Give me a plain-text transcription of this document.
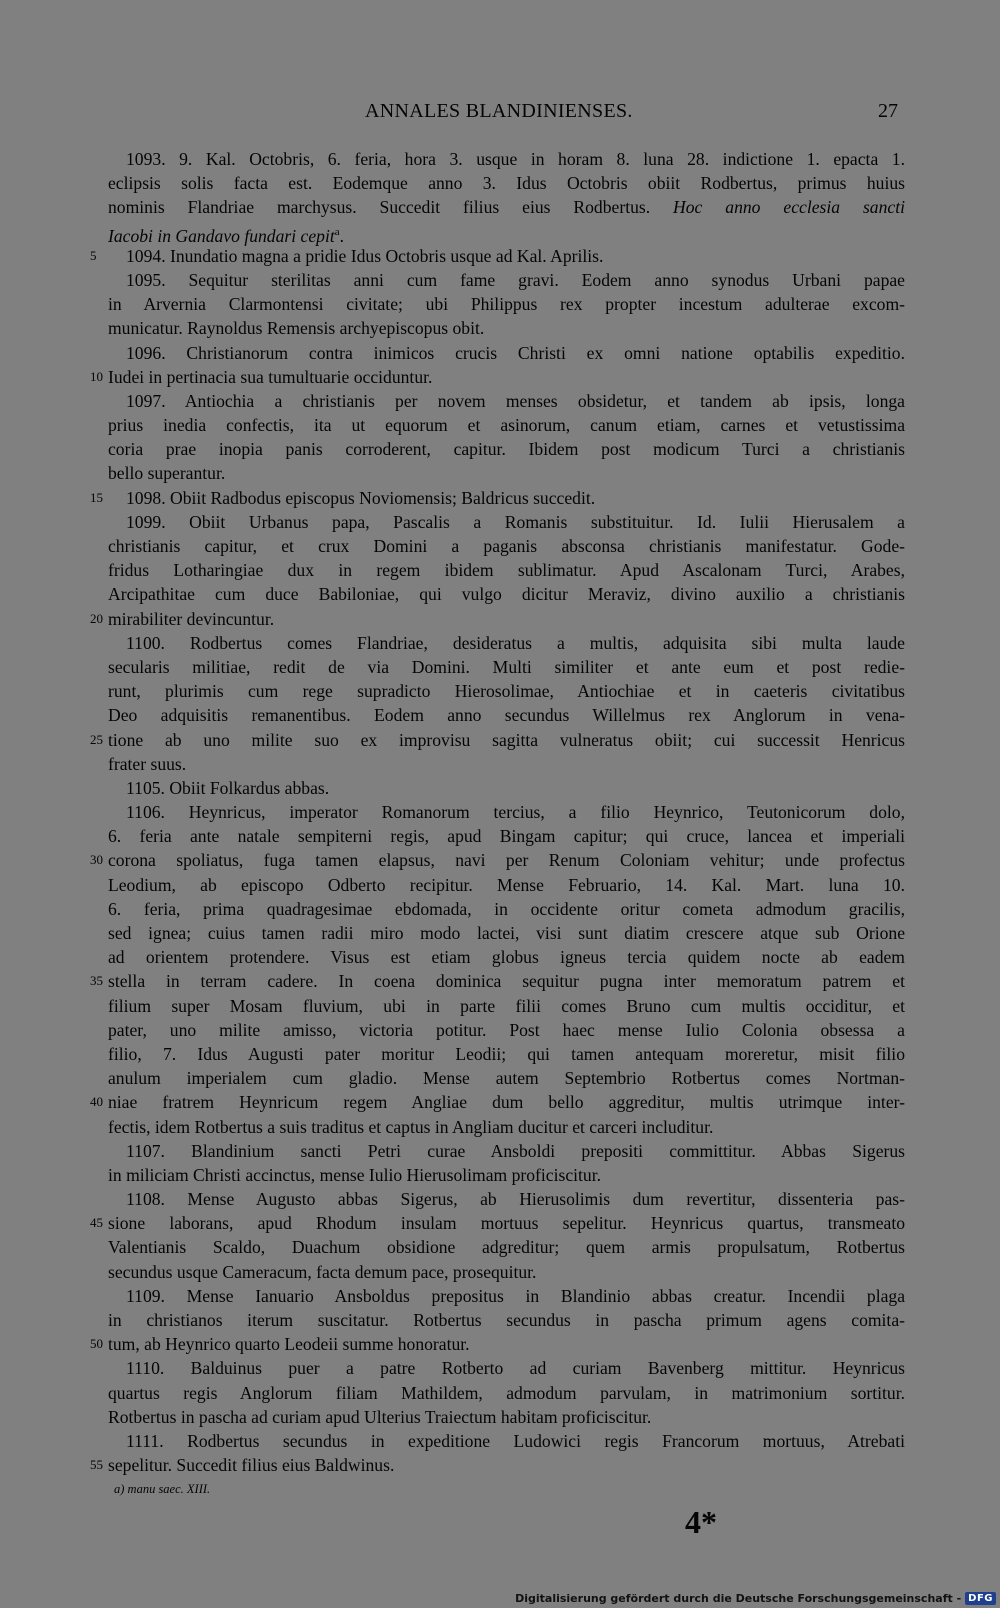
ANNALES BLANDINIENSES.	27
1093. 9. Kal. Octobris, 6. feria, hora 3. usque in horam 8. luna 28. indictione 1. epacta 1.
eclipsis solis facta est. Eodemque anno 3. Idus Octobris obiit Rodbertus, primus huius
nominis Flandriae marchysus. Succedit filius eius Rodbertus. Hoc anno ecclesia sancti
Iacobi in Gandavo fundari cepit$^a$.
5	1094. Inundatio magna a pridie Idus Octobris usque ad Kal. Aprilis.
1095. Sequitur sterilitas anni cum fame gravi. Eodem anno synodus Urbani papae
in Arvernia Clarmontensi civitate; ubi Philippus rex propter incestum adulterae excom-
municatur. Raynoldus Remensis archyepiscopus obit.
1096. Christianorum contra inimicos crucis Christi ex omni natione optabilis expeditio.
10 Iudei in pertinacia sua tumultuarie occiduntur.
1097. Antiochia a christianis per novem menses obsidetur, et tandem ab ipsis, longa
prius inedia confectis, ita ut equorum et asinorum, canum etiam, carnes et vetustissima
coria prae inopia panis corroderent, capitur. Ibidem post modicum Turci a christianis
bello superantur.
15 1098. Obiit Radbodus episcopus Noviomensis; Baldricus succedit.
1099. Obiit Urbanus papa, Pascalis a Romanis substituitur. Id. Iulii Hierusalem a
christianis capitur, et crux Domini a paganis absconsa christianis manifestatur. Gode-
fridus Lotharingiae dux in regem ibidem sublimatur. Apud Ascalonam Turci, Arabes,
Arcipathitae cum duce Babiloniae, qui vulgo dicitur Meraviz, divino auxilio a christianis
20 mirabiliter devincuntur.
1100. Rodbertus comes Flandriae, desideratus a multis, adquisita sibi multa laude
secularis militiae, redit de via Domini. Multi similiter et ante eum et post redie-
runt, plurimis cum rege supradicto Hierosolimae, Antiochiae et in caeteris civitatibus
Deo adquisitis remanentibus. Eodem anno secundus Willelmus rex Anglorum in vena-
25 tione ab uno milite suo ex improvisu sagitta vulneratus obiit; cui successit Henricus
frater suus.
1105. Obiit Folkardus abbas.
1106. Heynricus, imperator Romanorum tercius, a filio Heynrico, Teutonicorum dolo,
6. feria ante natale sempiterni regis, apud Bingam capitur; qui cruce, lancea et imperiali
30 corona spoliatus, fuga tamen elapsus, navi per Renum Coloniam vehitur; unde profectus
Leodium, ab episcopo Odberto recipitur. Mense Februario, 14. Kal. Mart. luna 10.
6. feria, prima quadragesimae ebdomada, in occidente oritur cometa admodum gracilis,
sed ignea; cuius tamen radii miro modo lactei, visi sunt diatim crescere atque sub Orione
ad orientem protendere. Visus est etiam globus igneus tercia quidem nocte ab eadem
35 stella in terram cadere. In coena dominica sequitur pugna inter memoratum patrem et
filium super Mosam fluvium, ubi in parte filii comes Bruno cum multis occiditur, et
pater, uno milite amisso, victoria potitur. Post haec mense Iulio Colonia obsessa a
filio, 7. Idus Augusti pater moritur Leodii; qui tamen antequam moreretur, misit filio
anulum imperialem cum gladio. Mense autem Septembrio Rotbertus comes Nortman-
40 niae fratrem Heynricum regem Angliae dum bello aggreditur, multis utrimque inter-
fectis, idem Rotbertus a suis traditus et captus in Angliam ducitur et carceri includitur.
1107. Blandinium sancti Petri curae Ansboldi prepositi committitur. Abbas Sigerus
in miliciam Christi accinctus, mense Iulio Hierusolimam proficiscitur.
1108. Mense Augusto abbas Sigerus, ab Hierusolimis dum revertitur, dissenteria pas-
45 sione laborans, apud Rhodum insulam mortuus sepelitur. Heynricus quartus, transmeato
Valentianis Scaldo, Duachum obsidione adgreditur; quem armis propulsatum, Rotbertus
secundus usque Cameracum, facta demum pace, prosequitur.
1109. Mense Ianuario Ansboldus prepositus in Blandinio abbas creatur. Incendii plaga
in christianos iterum suscitatur. Rotbertus secundus in pascha primum agens comita-
50 tum, ab Heynrico quarto Leodeii summe honoratur.
1110. Balduinus puer a patre Rotberto ad curiam Bavenberg mittitur. Heynricus
quartus regis Anglorum filiam Mathildem, admodum parvulam, in matrimonium sortitur.
Rotbertus in pascha ad curiam apud Ulterius Traiectum habitam proficiscitur.
1111. Rodbertus secundus in expeditione Ludowici regis Francorum mortuus, Atrebati
55 sepelitur. Succedit filius eius Baldwinus.
a) manu saec. XIII.
4*
Digitalisierung gefördert durch die Deutsche Forschungsgemeinschaft - DFG
